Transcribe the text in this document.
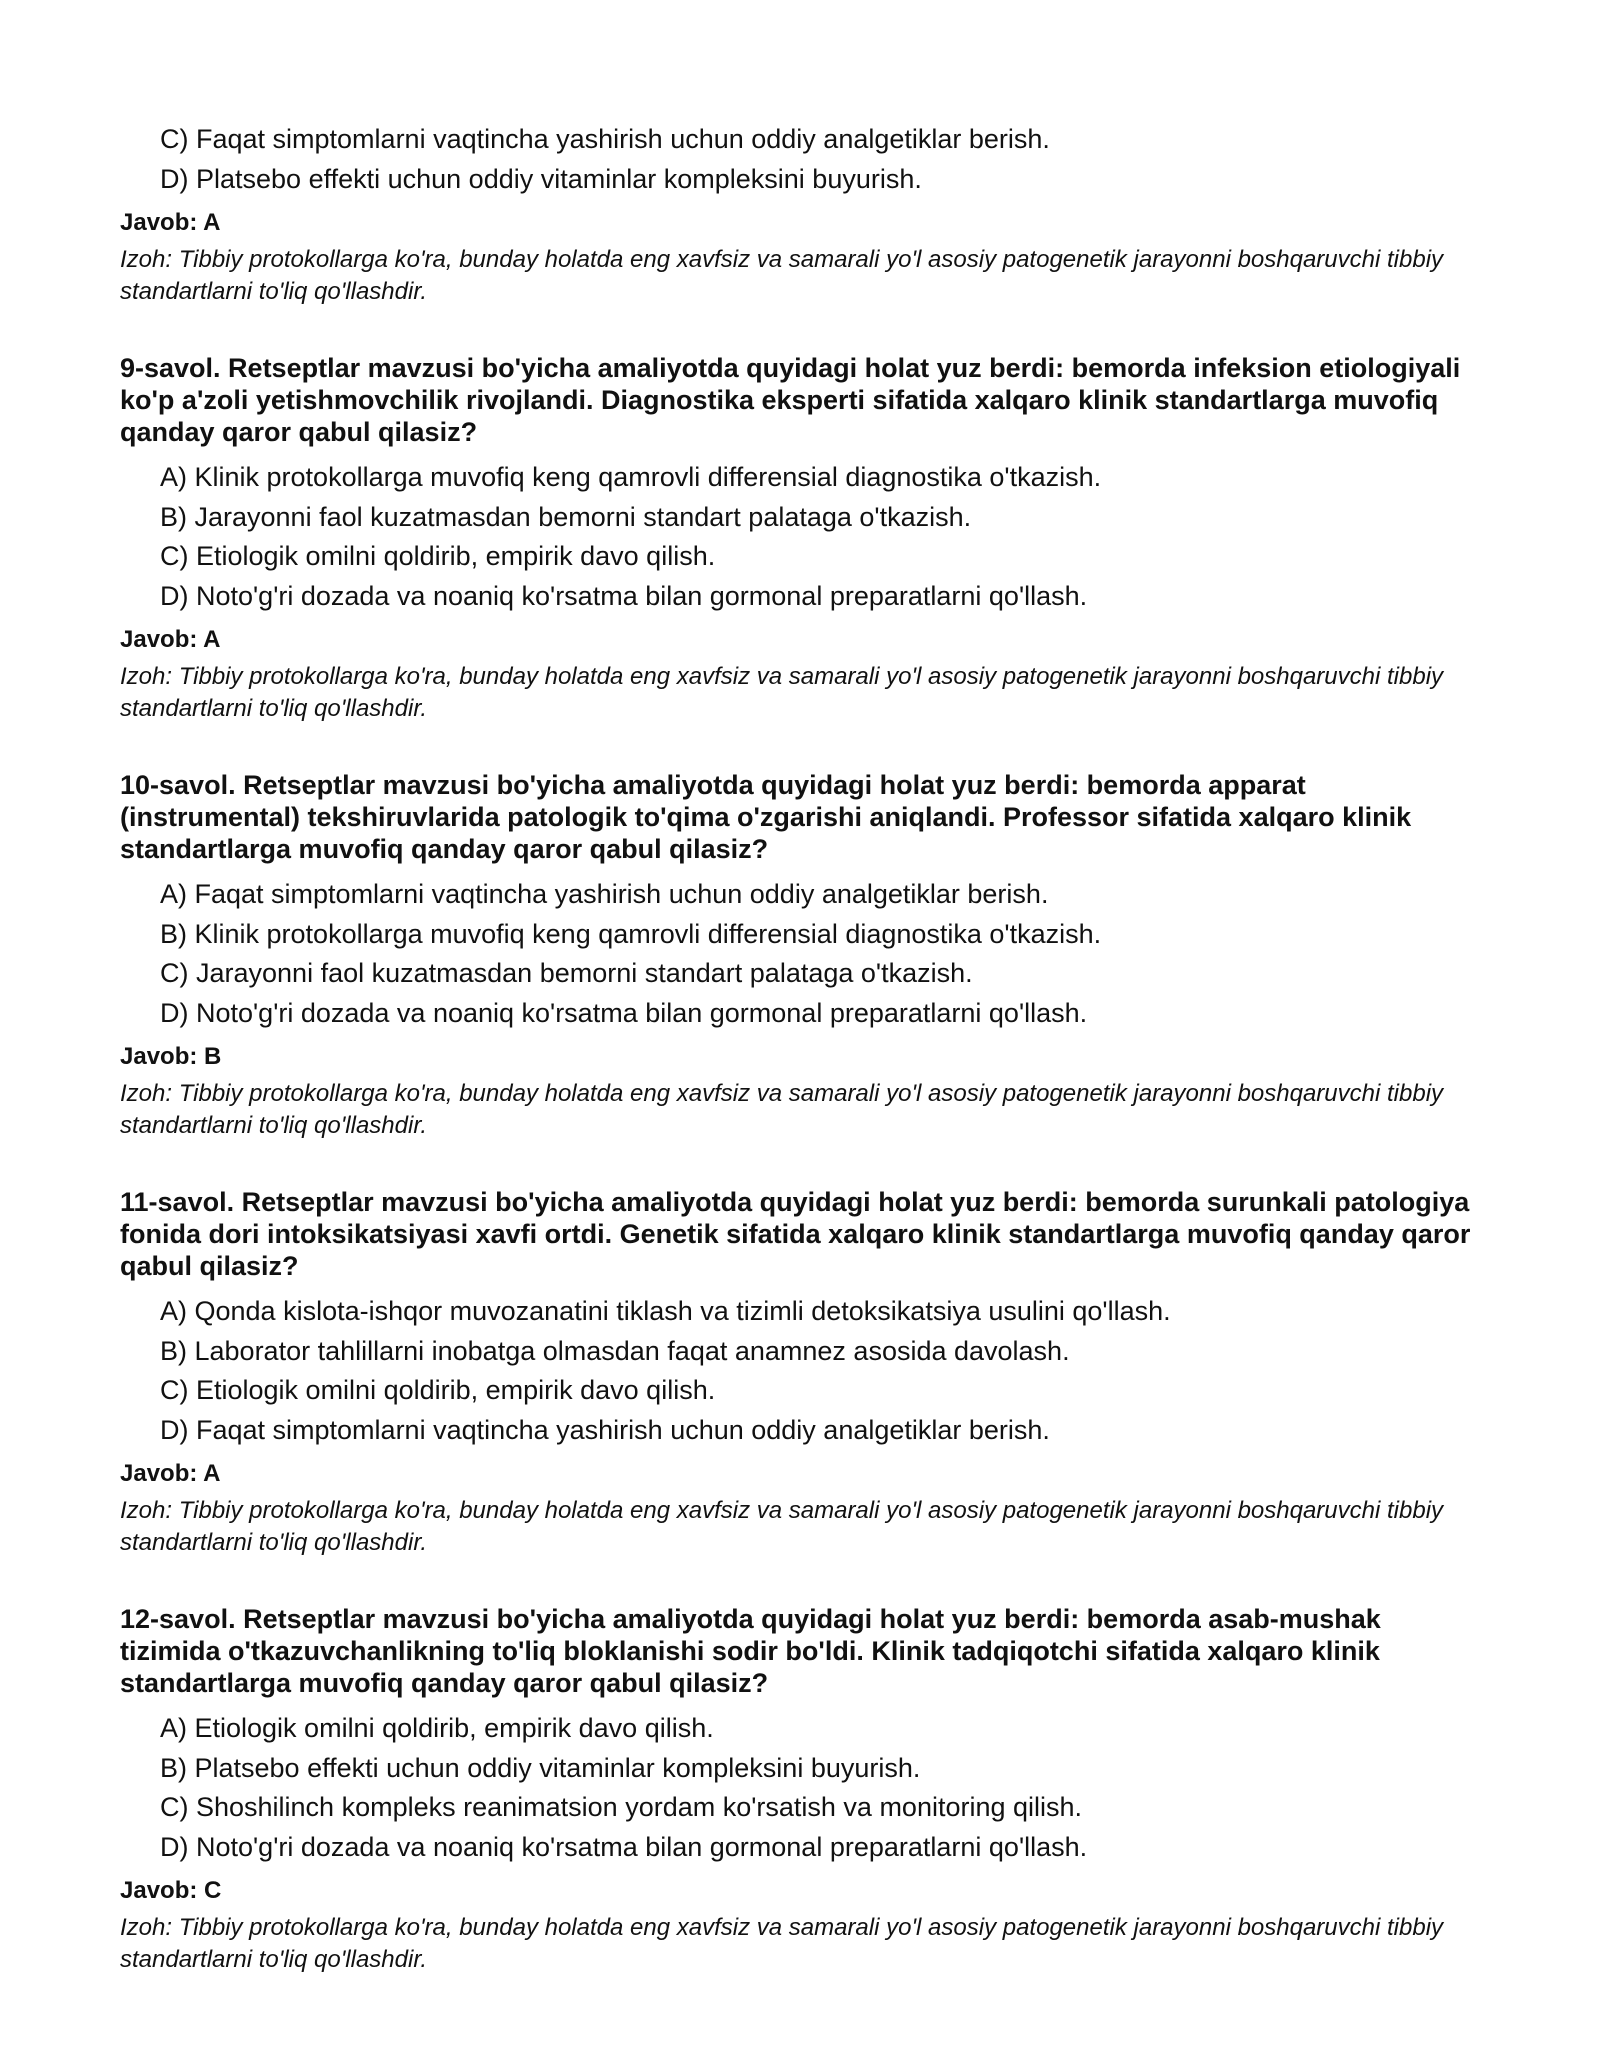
C) Faqat simptomlarni vaqtincha yashirish uchun oddiy analgetiklar berish.
D) Platsebo effekti uchun oddiy vitaminlar kompleksini buyurish.
Javob: A
Izoh: Tibbiy protokollarga ko'ra, bunday holatda eng xavfsiz va samarali yo'l asosiy patogenetik jarayonni boshqaruvchi tibbiy standartlarni to'liq qo'llashdir.
9-savol. Retseptlar mavzusi bo'yicha amaliyotda quyidagi holat yuz berdi: bemorda infeksion etiologiyali ko'p a'zoli yetishmovchilik rivojlandi. Diagnostika eksperti sifatida xalqaro klinik standartlarga muvofiq qanday qaror qabul qilasiz?
A) Klinik protokollarga muvofiq keng qamrovli differensial diagnostika o'tkazish.
B) Jarayonni faol kuzatmasdan bemorni standart palataga o'tkazish.
C) Etiologik omilni qoldirib, empirik davo qilish.
D) Noto'g'ri dozada va noaniq ko'rsatma bilan gormonal preparatlarni qo'llash.
Javob: A
Izoh: Tibbiy protokollarga ko'ra, bunday holatda eng xavfsiz va samarali yo'l asosiy patogenetik jarayonni boshqaruvchi tibbiy standartlarni to'liq qo'llashdir.
10-savol. Retseptlar mavzusi bo'yicha amaliyotda quyidagi holat yuz berdi: bemorda apparat (instrumental) tekshiruvlarida patologik to'qima o'zgarishi aniqlandi. Professor sifatida xalqaro klinik standartlarga muvofiq qanday qaror qabul qilasiz?
A) Faqat simptomlarni vaqtincha yashirish uchun oddiy analgetiklar berish.
B) Klinik protokollarga muvofiq keng qamrovli differensial diagnostika o'tkazish.
C) Jarayonni faol kuzatmasdan bemorni standart palataga o'tkazish.
D) Noto'g'ri dozada va noaniq ko'rsatma bilan gormonal preparatlarni qo'llash.
Javob: B
Izoh: Tibbiy protokollarga ko'ra, bunday holatda eng xavfsiz va samarali yo'l asosiy patogenetik jarayonni boshqaruvchi tibbiy standartlarni to'liq qo'llashdir.
11-savol. Retseptlar mavzusi bo'yicha amaliyotda quyidagi holat yuz berdi: bemorda surunkali patologiya fonida dori intoksikatsiyasi xavfi ortdi. Genetik sifatida xalqaro klinik standartlarga muvofiq qanday qaror qabul qilasiz?
A) Qonda kislota-ishqor muvozanatini tiklash va tizimli detoksikatsiya usulini qo'llash.
B) Laborator tahlillarni inobatga olmasdan faqat anamnez asosida davolash.
C) Etiologik omilni qoldirib, empirik davo qilish.
D) Faqat simptomlarni vaqtincha yashirish uchun oddiy analgetiklar berish.
Javob: A
Izoh: Tibbiy protokollarga ko'ra, bunday holatda eng xavfsiz va samarali yo'l asosiy patogenetik jarayonni boshqaruvchi tibbiy standartlarni to'liq qo'llashdir.
12-savol. Retseptlar mavzusi bo'yicha amaliyotda quyidagi holat yuz berdi: bemorda asab-mushak tizimida o'tkazuvchanlikning to'liq bloklanishi sodir bo'ldi. Klinik tadqiqotchi sifatida xalqaro klinik standartlarga muvofiq qanday qaror qabul qilasiz?
A) Etiologik omilni qoldirib, empirik davo qilish.
B) Platsebo effekti uchun oddiy vitaminlar kompleksini buyurish.
C) Shoshilinch kompleks reanimatsion yordam ko'rsatish va monitoring qilish.
D) Noto'g'ri dozada va noaniq ko'rsatma bilan gormonal preparatlarni qo'llash.
Javob: C
Izoh: Tibbiy protokollarga ko'ra, bunday holatda eng xavfsiz va samarali yo'l asosiy patogenetik jarayonni boshqaruvchi tibbiy standartlarni to'liq qo'llashdir.
